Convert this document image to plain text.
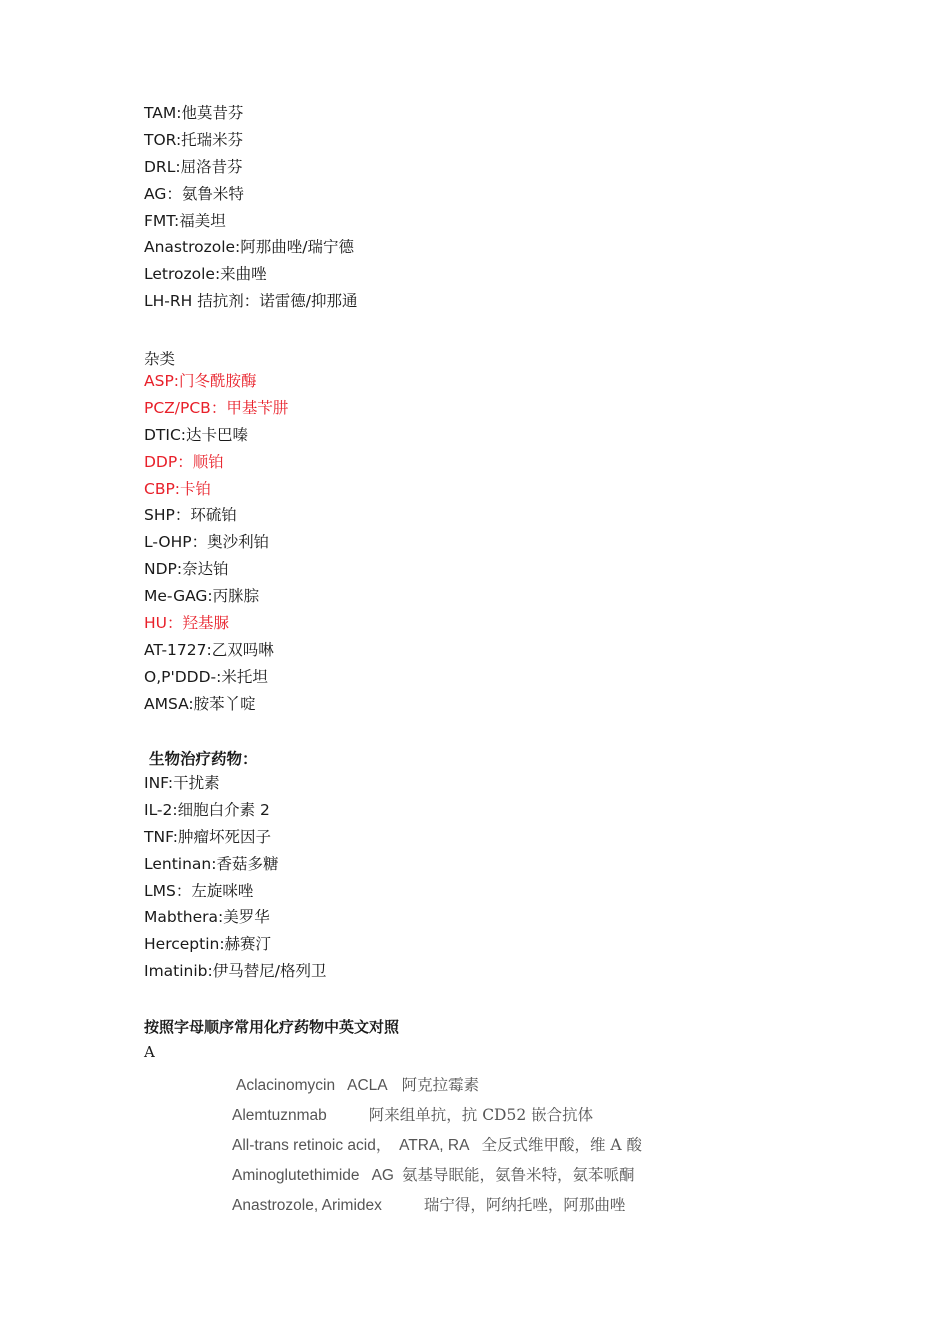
TAM:他莫昔芬
TOR:托瑞米芬
DRL:屈洛昔芬
AG：氨鲁米特
FMT:福美坦
Anastrozole:阿那曲唑/瑞宁德
Letrozole:来曲唑
LH-RH 拮抗剂：诺雷德/抑那通
杂类
ASP:门冬酰胺酶
PCZ/PCB：甲基苄肼
DTIC:达卡巴嗪
DDP：顺铂
CBP:卡铂
SHP：环硫铂
L-OHP：奥沙利铂
NDP:奈达铂
Me-GAG:丙脒腙
HU：羟基脲
AT-1727:乙双吗啉
O,P'DDD-:米托坦
AMSA:胺苯丫啶
生物治疗药物：
INF:干扰素
IL-2:细胞白介素 2
TNF:肿瘤坏死因子
Lentinan:香菇多糖
LMS：左旋咪唑
Mabthera:美罗华
Herceptin:赫赛汀
Imatinib:伊马替尼/格列卫
按照字母顺序常用化疗药物中英文对照
A
Aclacinomycin   ACLA 阿克拉霉素
Alemtuznmab	阿来组单抗，抗 CD52 嵌合抗体
All-trans retinoic acid，  ATRA, RA 全反式维甲酸，维 A 酸
Aminoglutethimide   AG 氨基导眠能，氨鲁米特，氨苯哌酮
Anastrozole, Arimidex	瑞宁得，阿纳托唑，阿那曲唑
